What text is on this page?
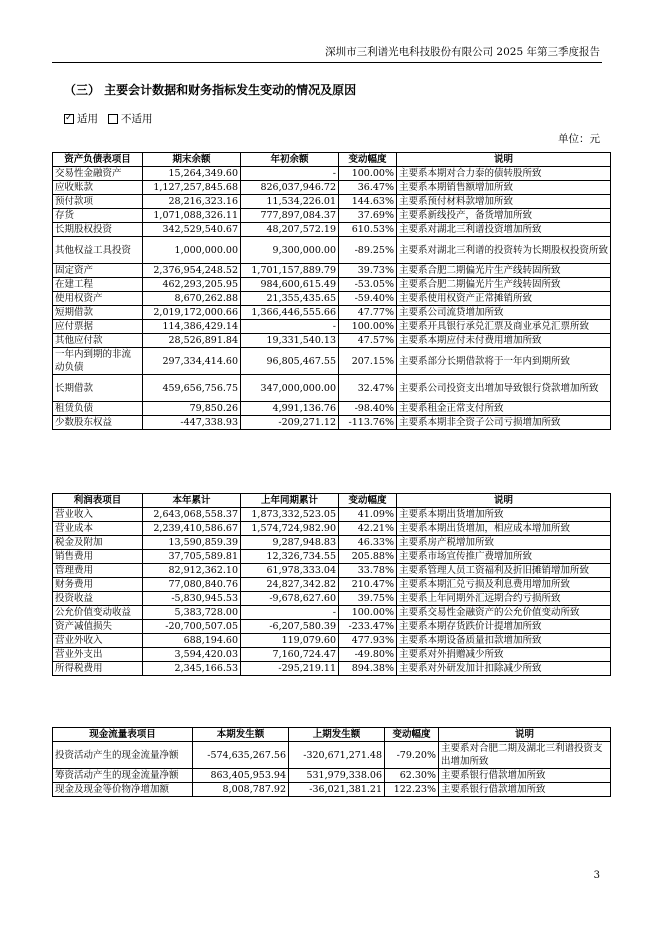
深圳市三利谱光电科技股份有限公司 2025 年第三季度报告
（三） 主要会计数据和财务指标发生变动的情况及原因
✓
适用 不适用
单位：元
资产负债表项目	期末余额	年初余额	变动幅度	说明
交易性金融资产	15,264,349.60	-	100.00%	主要系本期对合力泰的债转股所致
应收账款	1,127,257,845.68	826,037,946.72	36.47%	主要系本期销售额增加所致
预付款项	28,216,323.16	11,534,226.01	144.63%	主要系预付材料款增加所致
存货	1,071,088,326.11	777,897,084.37	37.69%	主要系新线投产，备货增加所致
长期股权投资	342,529,540.67	48,207,572.19	610.53%	主要系对湖北三利谱投资增加所致
其他权益工具投资	1,000,000.00	9,300,000.00	-89.25%	主要系对湖北三利谱的投资转为长期股权投资所致
固定资产	2,376,954,248.52	1,701,157,889.79	39.73%	主要系合肥二期偏光片生产线转固所致
在建工程	462,293,205.95	984,600,615.49	-53.05%	主要系合肥二期偏光片生产线转固所致
使用权资产	8,670,262.88	21,355,435.65	-59.40%	主要系使用权资产正常摊销所致
短期借款	2,019,172,000.66	1,366,446,555.66	47.77%	主要系公司流贷增加所致
应付票据	114,386,429.14	-	100.00%	主要系开具银行承兑汇票及商业承兑汇票所致
其他应付款	28,526,891.84	19,331,540.13	47.57%	主要系本期应付未付费用增加所致
一年内到期的非流动负债	297,334,414.60	96,805,467.55	207.15%	主要系部分长期借款将于一年内到期所致
长期借款	459,656,756.75	347,000,000.00	32.47%	主要系公司投资支出增加导致银行贷款增加所致
租赁负债	79,850.26	4,991,136.76	-98.40%	主要系租金正常支付所致
少数股东权益	-447,338.93	-209,271.12	-113.76%	主要系本期非全资子公司亏损增加所致
利润表项目	本年累计	上年同期累计	变动幅度	说明
营业收入	2,643,068,558.37	1,873,332,523.05	41.09%	主要系本期出货增加所致
营业成本	2,239,410,586.67	1,574,724,982.90	42.21%	主要系本期出货增加，相应成本增加所致
税金及附加	13,590,859.39	9,287,948.83	46.33%	主要系房产税增加所致
销售费用	37,705,589.81	12,326,734.55	205.88%	主要系市场宣传推广费增加所致
管理费用	82,912,362.10	61,978,333.04	33.78%	主要系管理人员工资福利及折旧摊销增加所致
财务费用	77,080,840.76	24,827,342.82	210.47%	主要系本期汇兑亏损及利息费用增加所致
投资收益	-5,830,945.53	-9,678,627.60	39.75%	主要系上年同期外汇远期合约亏损所致
公允价值变动收益	5,383,728.00	-	100.00%	主要系交易性金融资产的公允价值变动所致
资产减值损失	-20,700,507.05	-6,207,580.39	-233.47%	主要系本期存货跌价计提增加所致
营业外收入	688,194.60	119,079.60	477.93%	主要系本期设备质量扣款增加所致
营业外支出	3,594,420.03	7,160,724.47	-49.80%	主要系对外捐赠减少所致
所得税费用	2,345,166.53	-295,219.11	894.38%	主要系对外研发加计扣除减少所致
现金流量表项目	本期发生额	上期发生额	变动幅度	说明
投资活动产生的现金流量净额	-574,635,267.56	-320,671,271.48	-79.20%	主要系对合肥二期及湖北三利谱投资支出增加所致
筹资活动产生的现金流量净额	863,405,953.94	531,979,338.06	62.30%	主要系银行借款增加所致
现金及现金等价物净增加额	8,008,787.92	-36,021,381.21	122.23%	主要系银行借款增加所致
3
